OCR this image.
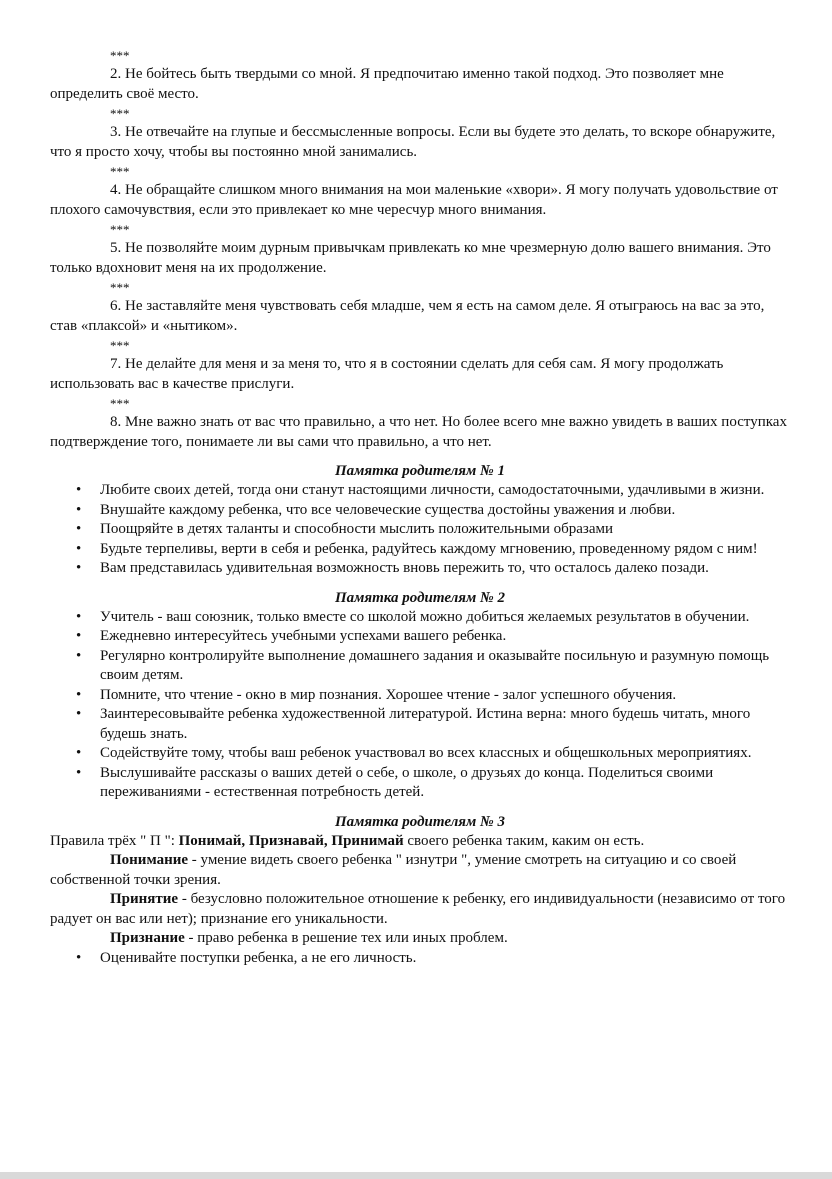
***

2. Не бойтесь быть твердыми со мной. Я предпочитаю именно такой подход. Это позволяет мне определить своё место.

***

3. Не отвечайте на глупые и бессмысленные вопросы. Если вы будете это делать, то вскоре обнаружите, что я просто хочу, чтобы вы постоянно мной занимались.

***

4. Не обращайте слишком много внимания на мои маленькие «хвори». Я могу получать удовольствие от плохого самочувствия, если это привлекает ко мне чересчур много внимания.

***

5. Не позволяйте моим дурным привычкам привлекать ко мне чрезмерную долю вашего внимания. Это только вдохновит меня на их продолжение.

***

6. Не заставляйте меня чувствовать себя младше, чем я есть на самом деле. Я отыграюсь на вас за это, став «плаксой» и «нытиком».

***

7. Не делайте для меня и за меня то, что я в состоянии сделать для себя сам. Я могу продолжать использовать вас в качестве прислуги.

***

8. Мне важно знать от вас что правильно, а что нет. Но более всего мне важно увидеть в ваших поступках подтверждение того, понимаете ли вы сами что правильно, а что нет.

Памятка родителям № 1

• Любите своих детей, тогда они станут настоящими личности, самодостаточными, удачливыми в жизни.
• Внушайте каждому ребенка, что все человеческие существа достойны уважения и любви.
• Поощряйте в детях таланты и способности мыслить положительными образами
• Будьте терпеливы, верти в себя и ребенка, радуйтесь каждому мгновению, проведенному рядом с ним!
• Вам представилась удивительная возможность вновь пережить то, что осталось далеко позади.

Памятка родителям № 2

• Учитель - ваш союзник, только вместе со школой можно добиться желаемых результатов в обучении.
• Ежедневно интересуйтесь учебными успехами вашего ребенка.
• Регулярно контролируйте выполнение домашнего задания и оказывайте посильную и разумную помощь своим детям.
• Помните, что чтение - окно в мир познания. Хорошее чтение - залог успешного обучения.
• Заинтересовывайте ребенка художественной литературой. Истина верна: много будешь читать, много будешь знать.
• Содействуйте тому, чтобы ваш ребенок участвовал во всех классных и общешкольных мероприятиях.
• Выслушивайте рассказы о ваших детей о себе, о школе, о друзьях до конца. Поделиться своими переживаниями - естественная потребность детей.

Памятка родителям № 3

Правила трёх " П ": Понимай, Признавай, Принимай своего ребенка таким, каким он есть.

Понимание - умение видеть своего ребенка " изнутри ", умение смотреть на ситуацию и со своей собственной точки зрения.

Принятие - безусловно положительное отношение к ребенку, его индивидуальности (независимо от того радует он вас или нет); признание его уникальности.

Признание - право ребенка в решение тех или иных проблем.

• Оценивайте поступки ребенка, а не его личность.
